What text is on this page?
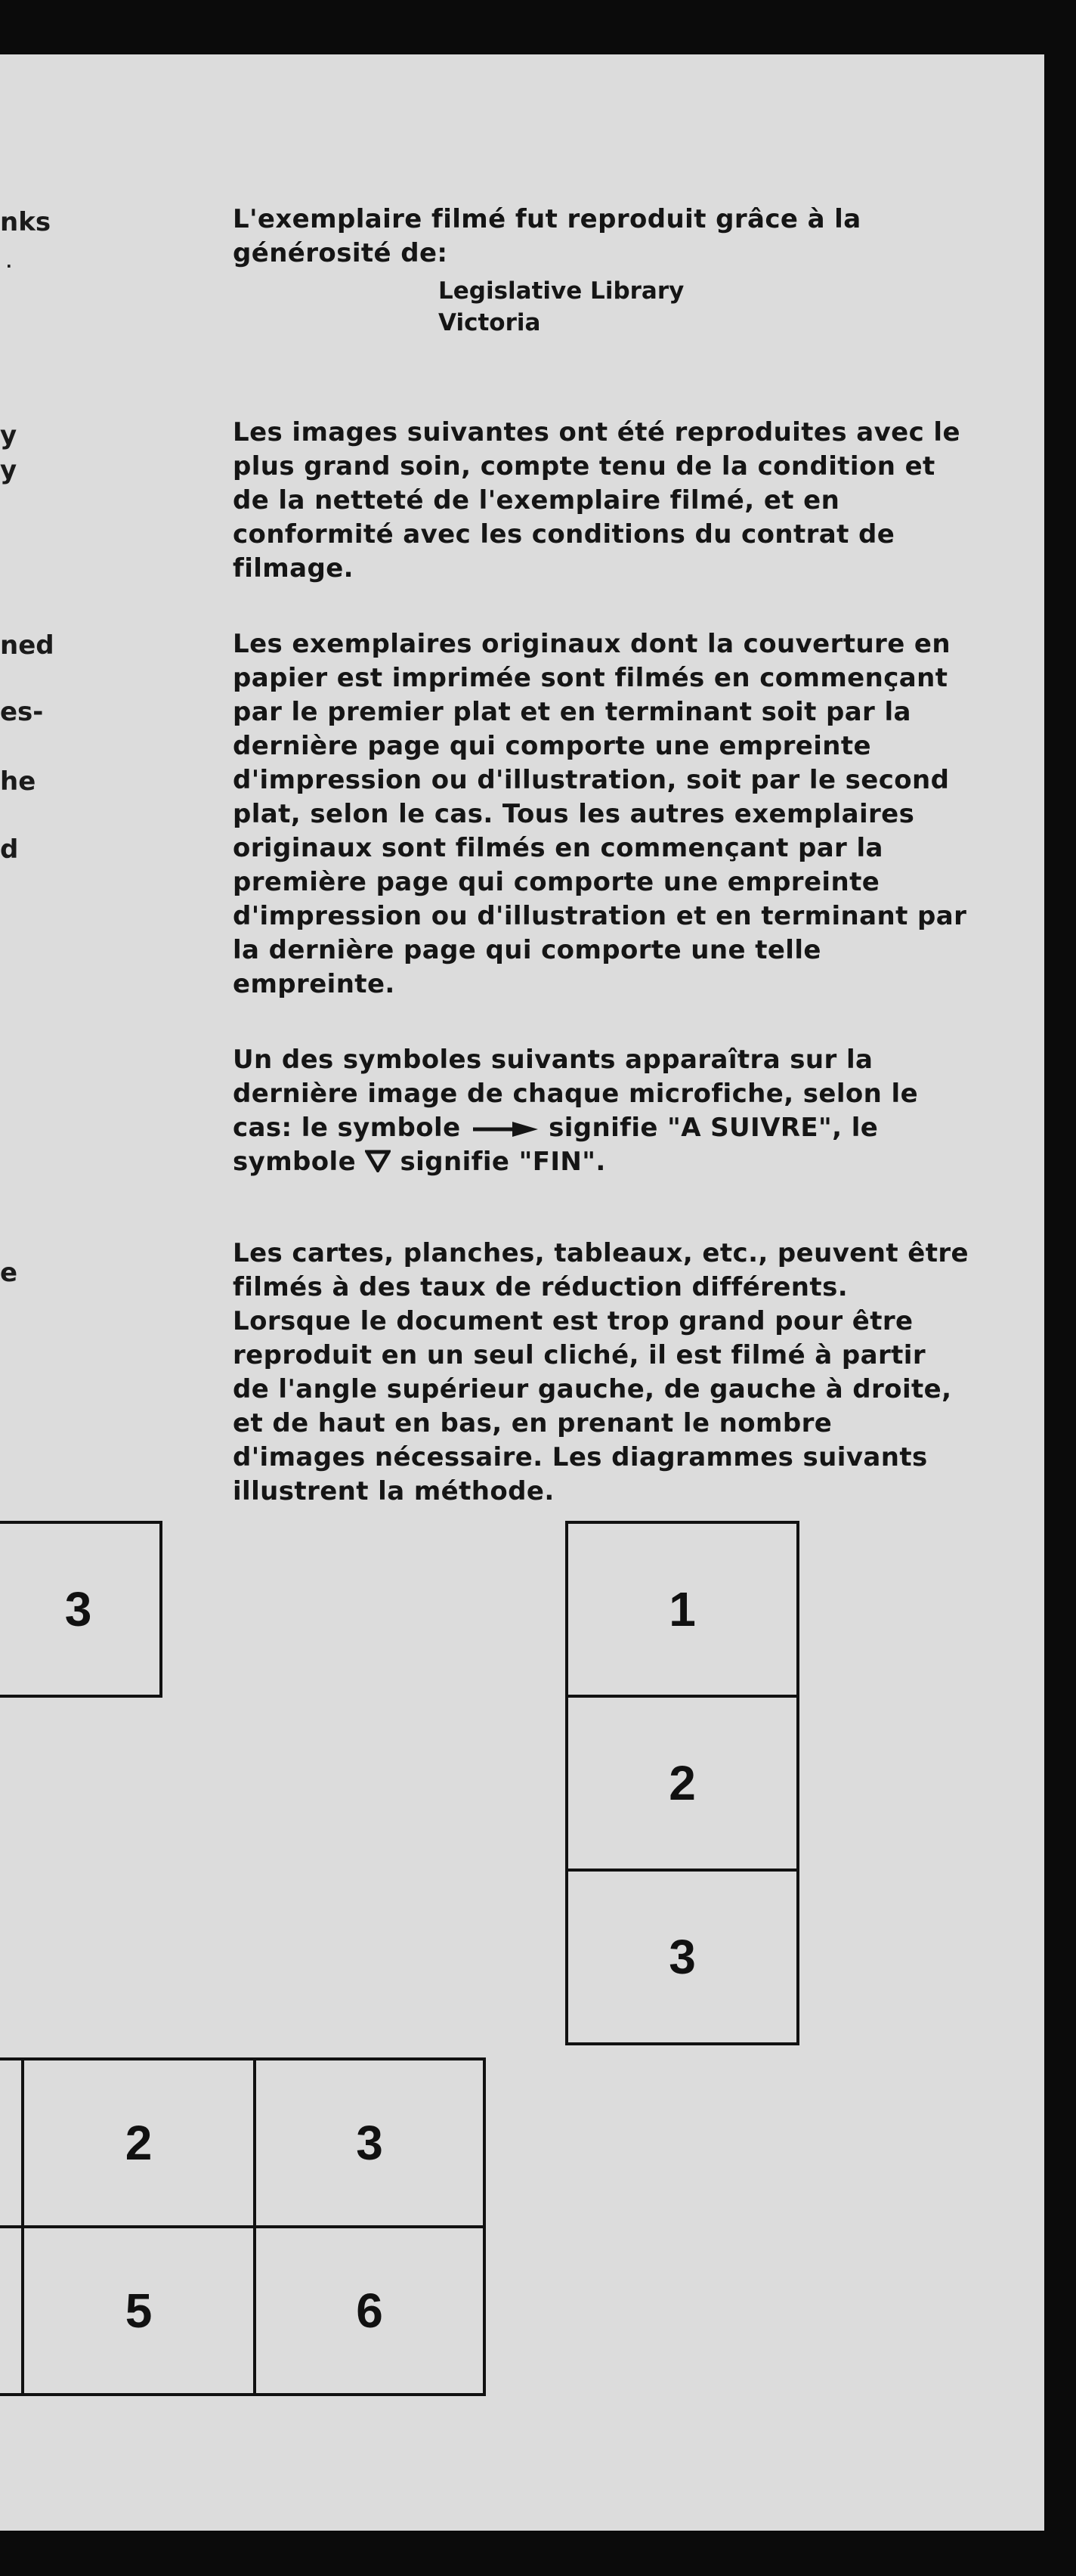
nks
·
y
y
ned
es-
he
d
e
L'exemplaire filmé fut reproduit grâce à la
générosité de:
Legislative Library
Victoria
Les images suivantes ont été reproduites avec le
plus grand soin, compte tenu de la condition et
de la netteté de l'exemplaire filmé, et en
conformité avec les conditions du contrat de
filmage.
Les exemplaires originaux dont la couverture en
papier est imprimée sont filmés en commençant
par le premier plat et en terminant soit par la
dernière page qui comporte une empreinte
d'impression ou d'illustration, soit par le second
plat, selon le cas. Tous les autres exemplaires
originaux sont filmés en commençant par la
première page qui comporte une empreinte
d'impression ou d'illustration et en terminant par
la dernière page qui comporte une telle
empreinte.
Un des symboles suivants apparaîtra sur la
dernière image de chaque microfiche, selon le
cas: le symbole	signifie "A SUIVRE", le
symbole signifie "FIN".
Les cartes, planches, tableaux, etc., peuvent être
filmés à des taux de réduction différents.
Lorsque le document est trop grand pour être
reproduit en un seul cliché, il est filmé à partir
de l'angle supérieur gauche, de gauche à droite,
et de haut en bas, en prenant le nombre
d'images nécessaire. Les diagrammes suivants
illustrent la méthode.
3	1
2
3
2	3
5	6
